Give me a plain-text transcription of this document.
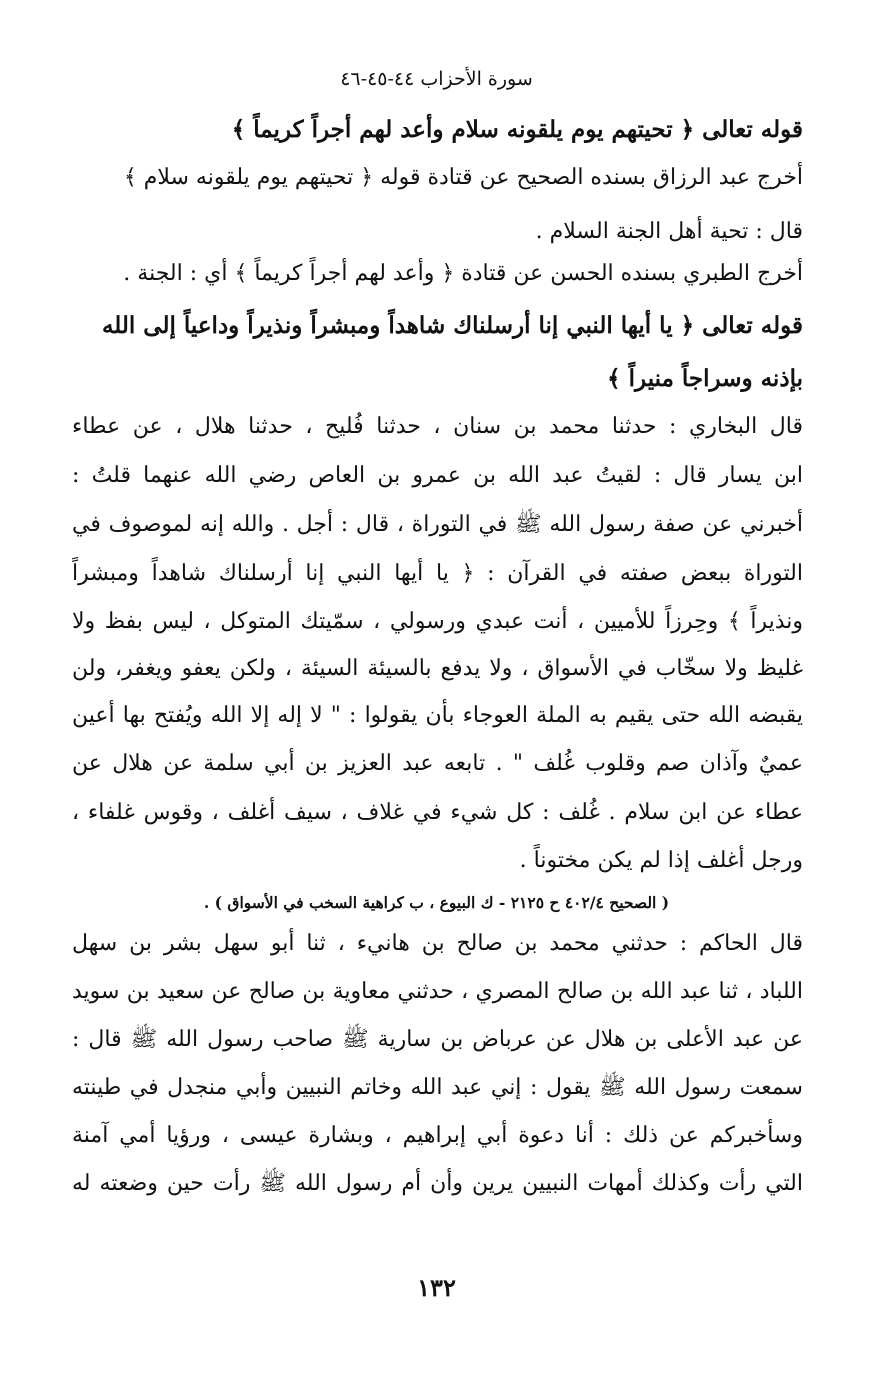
سورة الأحزاب ٤٤-٤٥-٤٦
قوله تعالى ﴿ تحيتهم يوم يلقونه سلام وأعد لهم أجراً كريماً ﴾
أخرج عبد الرزاق بسنده الصحيح عن قتادة قوله ﴿ تحيتهم يوم يلقونه سلام ﴾
قال : تحية أهل الجنة السلام .
أخرج الطبري بسنده الحسن عن قتادة ﴿ وأعد لهم أجراً كريماً ﴾ أي : الجنة .
قوله تعالى ﴿ يا أيها النبي إنا أرسلناك شاهداً ومبشراً ونذيراً وداعياً إلى الله
بإذنه وسراجاً منيراً ﴾
قال البخاري : حدثنا محمد بن سنان ، حدثنا فُليح ، حدثنا هلال ، عن عطاء
ابن يسار قال : لقيتُ عبد الله بن عمرو بن العاص رضي الله عنهما قلتُ :
أخبرني عن صفة رسول الله ﷺ في التوراة ، قال : أجل . والله إنه لموصوف في
التوراة ببعض صفته في القرآن : ﴿ يا أيها النبي إنا أرسلناك شاهداً ومبشراً
ونذيراً ﴾ وحِرزاً للأميين ، أنت عبدي ورسولي ، سمّيتك المتوكل ، ليس بفظ ولا
غليظ ولا سخّاب في الأسواق ، ولا يدفع بالسيئة السيئة ، ولكن يعفو ويغفر، ولن
يقبضه الله حتى يقيم به الملة العوجاء بأن يقولوا : " لا إله إلا الله ويُفتح بها أعين
عميٌ وآذان صم وقلوب غُلف " . تابعه عبد العزيز بن أبي سلمة عن هلال عن
عطاء عن ابن سلام . غُلف : كل شيء في غلاف ، سيف أغلف ، وقوس غلفاء ،
ورجل أغلف إذا لم يكن مختوناً .
( الصحيح ٤٠٢/٤ ح ٢١٢٥ - ك البيوع ، ب كراهية السخب في الأسواق ) .
قال الحاكم : حدثني محمد بن صالح بن هانيء ، ثنا أبو سهل بشر بن سهل
اللباد ، ثنا عبد الله بن صالح المصري ، حدثني معاوية بن صالح عن سعيد بن سويد
عن عبد الأعلى بن هلال عن عرباض بن سارية ﷺ صاحب رسول الله ﷺ قال :
سمعت رسول الله ﷺ يقول : إني عبد الله وخاتم النبيين وأبي منجدل في طينته
وسأخبركم عن ذلك : أنا دعوة أبي إبراهيم ، وبشارة عيسى ، ورؤيا أمي آمنة
التي رأت وكذلك أمهات النبيين يرين وأن أم رسول الله ﷺ رأت حين وضعته له
١٣٢
